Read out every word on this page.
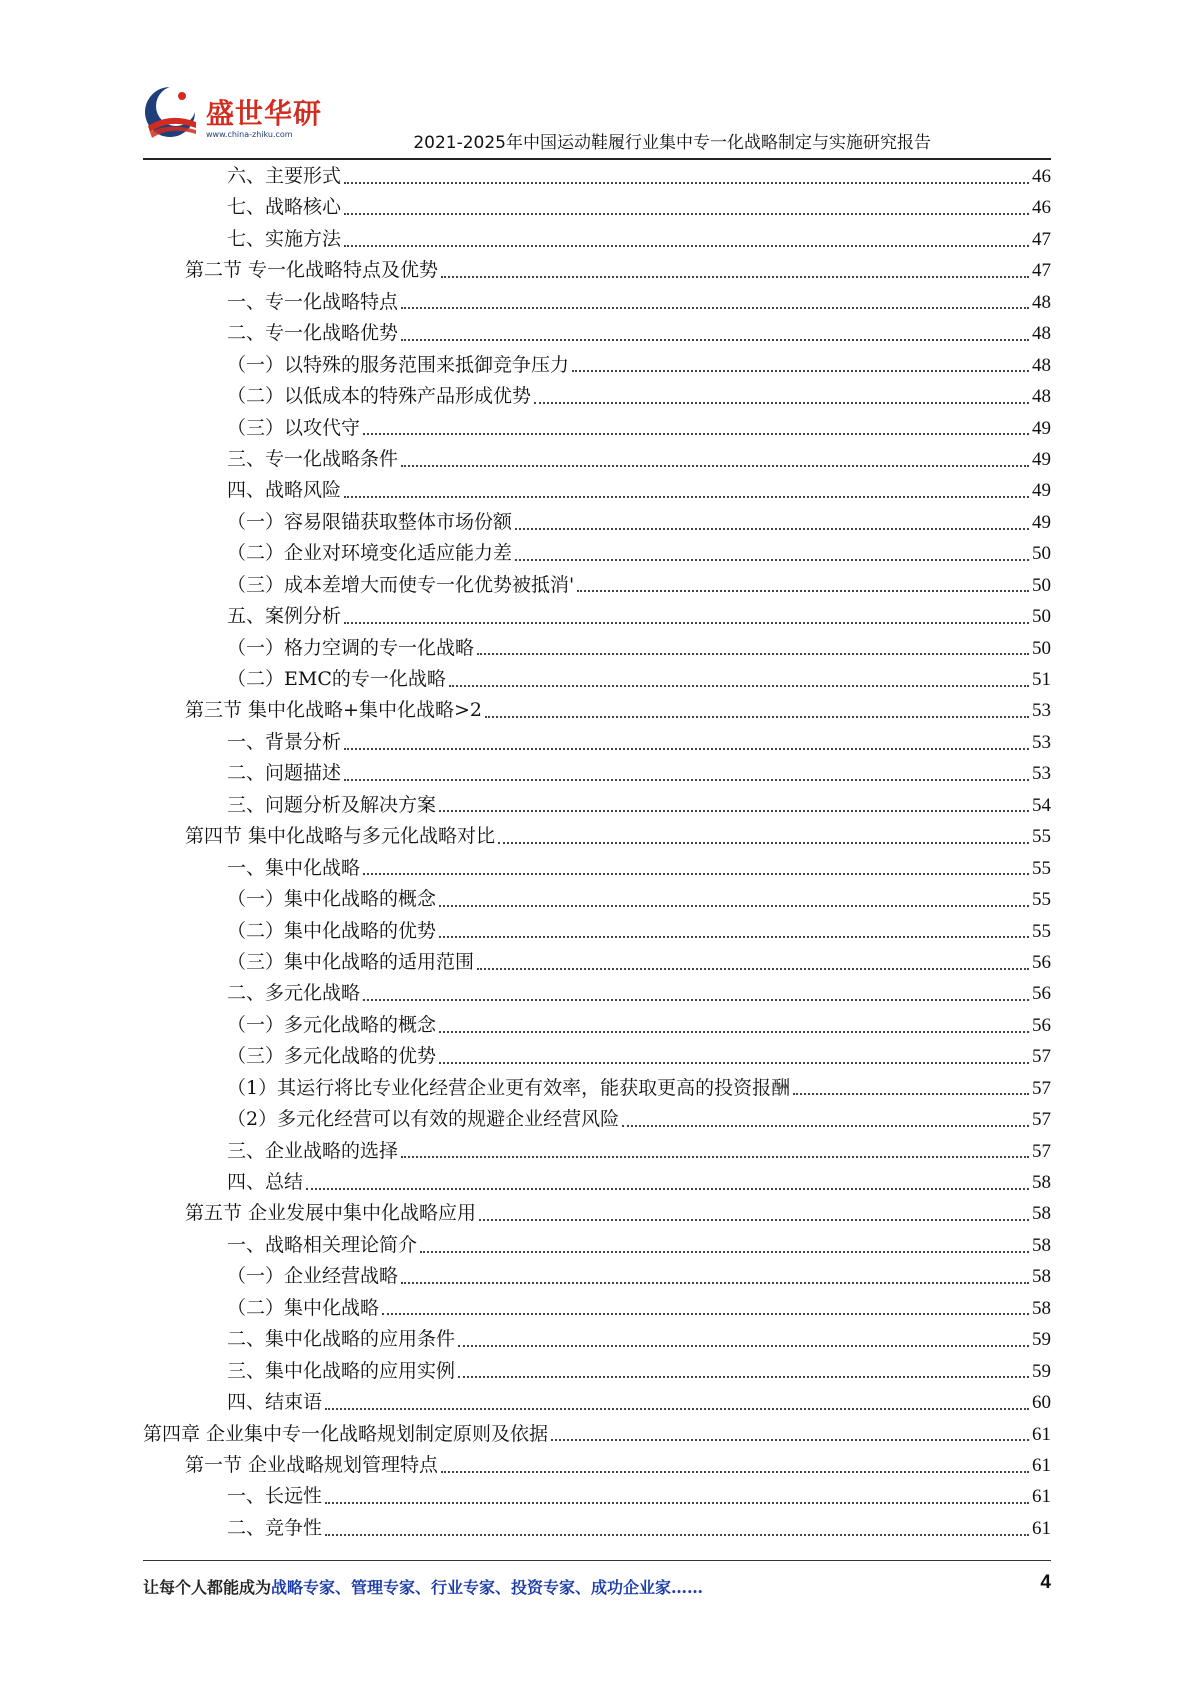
盛世华研
www.china-zhiku.com	2021-2025年中国运动鞋履行业集中专一化战略制定与实施研究报告
六、主要形式	46
七、战略核心	46
七、实施方法	47
第二节 专一化战略特点及优势	47
一、专一化战略特点	48
二、专一化战略优势	48
（一）以特殊的服务范围来抵御竞争压力	48
（二）以低成本的特殊产品形成优势	48
（三）以攻代守	49
三、专一化战略条件	49
四、战略风险	49
（一）容易限锚获取整体市场份额	49
（二）企业对环境变化适应能力差	50
（三）成本差增大而使专一化优势被抵消'	50
五、案例分析	50
（一）格力空调的专一化战略	50
（二）EMC的专一化战略	51
第三节 集中化战略+集中化战略>2	53
一、背景分析	53
二、问题描述	53
三、问题分析及解决方案	54
第四节 集中化战略与多元化战略对比	55
一、集中化战略	55
（一）集中化战略的概念	55
（二）集中化战略的优势	55
（三）集中化战略的适用范围	56
二、多元化战略	56
（一）多元化战略的概念	56
（三）多元化战略的优势	57
（1）其运行将比专业化经营企业更有效率，能获取更高的投资报酬	57
（2）多元化经营可以有效的规避企业经营风险	57
三、企业战略的选择	57
四、总结	58
第五节 企业发展中集中化战略应用	58
一、战略相关理论简介	58
（一）企业经营战略	58
（二）集中化战略	58
二、集中化战略的应用条件	59
三、集中化战略的应用实例	59
四、结束语	60
第四章 企业集中专一化战略规划制定原则及依据	61
第一节 企业战略规划管理特点	61
一、长远性	61
二、竞争性	61
让每个人都能成为战略专家、管理专家、行业专家、投资专家、成功企业家……	4
